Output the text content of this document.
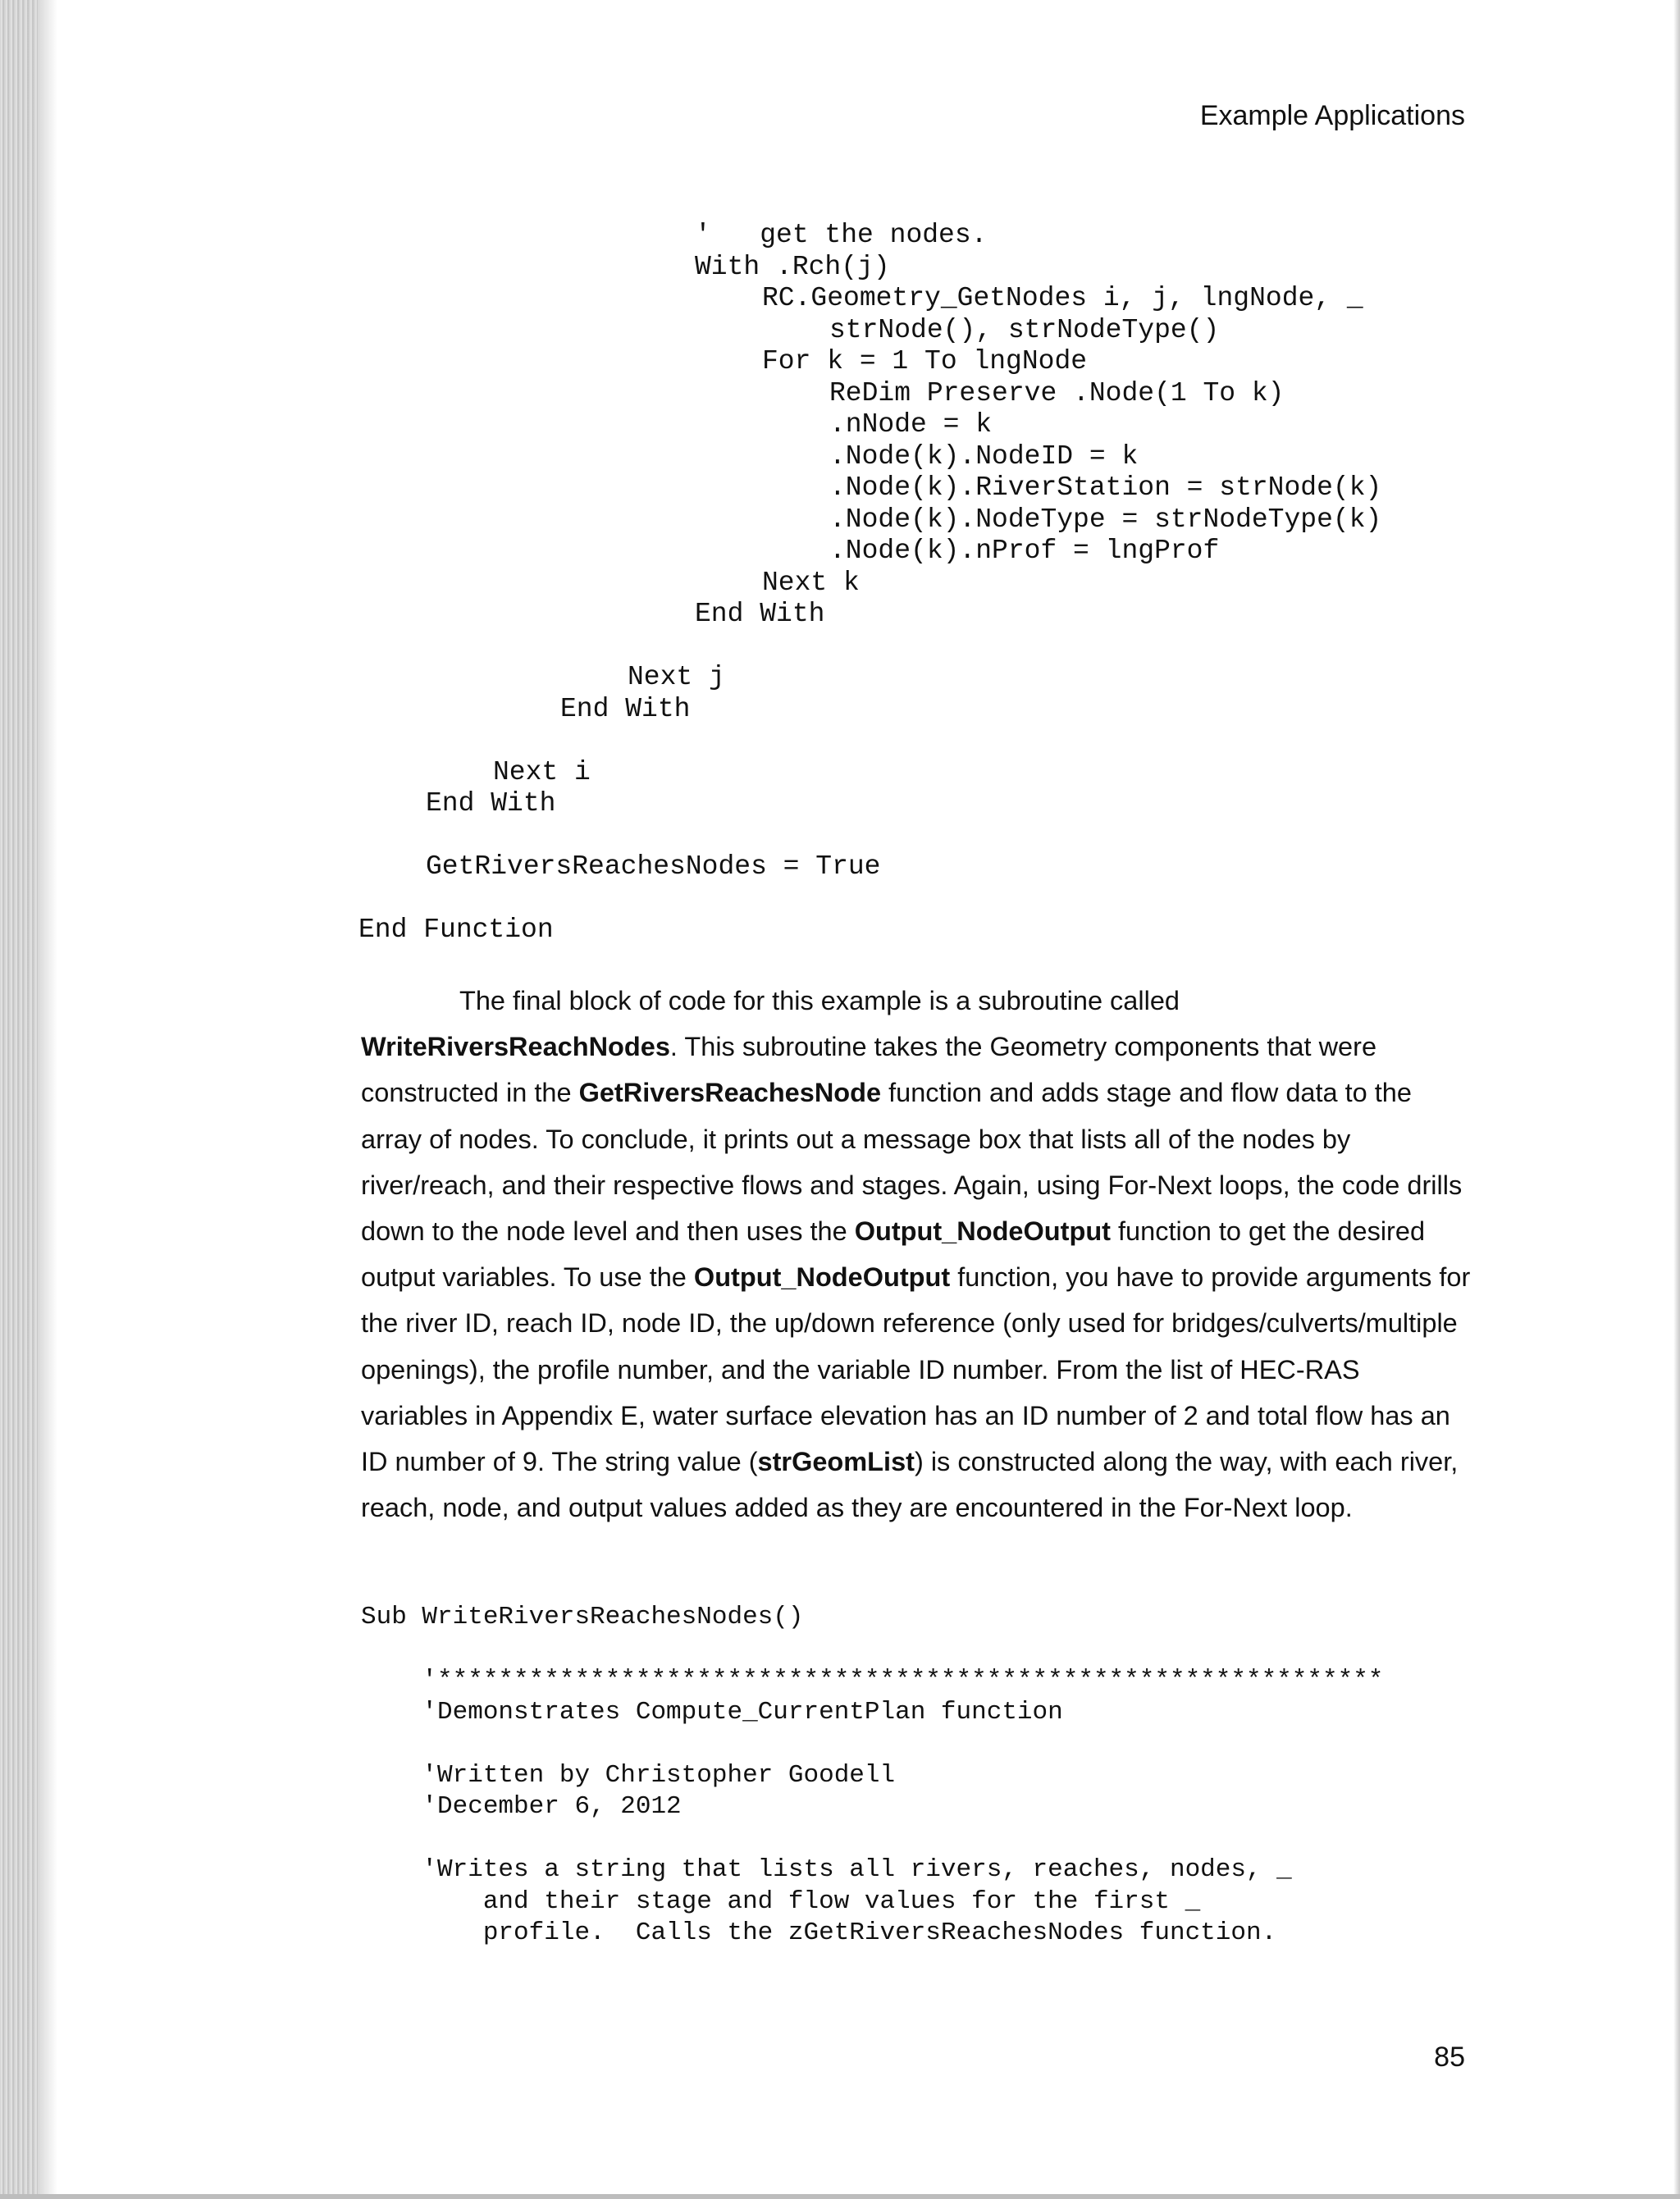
Example Applications
'   get the nodes.
With .Rch(j)
RC.Geometry_GetNodes i, j, lngNode, _
strNode(), strNodeType()
For k = 1 To lngNode
ReDim Preserve .Node(1 To k)
.nNode = k
.Node(k).NodeID = k
.Node(k).RiverStation = strNode(k)
.Node(k).NodeType = strNodeType(k)
.Node(k).nProf = lngProf
Next k
End With

Next j
End With

Next i
End With

GetRiversReachesNodes = True

End Function

The final block of code for this example is a subroutine called WriteRiversReachNodes. This subroutine takes the Geometry components that were constructed in the GetRiversReachesNode function and adds stage and flow data to the array of nodes. To conclude, it prints out a message box that lists all of the nodes by river/reach, and their respective flows and stages. Again, using For-Next loops, the code drills down to the node level and then uses the Output_NodeOutput function to get the desired output variables. To use the Output_NodeOutput function, you have to provide arguments for the river ID, reach ID, node ID, the up/down reference (only used for bridges/culverts/multiple openings), the profile number, and the variable ID number. From the list of HEC-RAS variables in Appendix E, water surface elevation has an ID number of 2 and total flow has an ID number of 9. The string value (strGeomList) is constructed along the way, with each river, reach, node, and output values added as they are encountered in the For-Next loop.

Sub WriteRiversReachesNodes()

'**************************************************************
'Demonstrates Compute_CurrentPlan function

'Written by Christopher Goodell
'December 6, 2012

'Writes a string that lists all rivers, reaches, nodes, _
and their stage and flow values for the first _
profile.  Calls the zGetRiversReachesNodes function.
85
